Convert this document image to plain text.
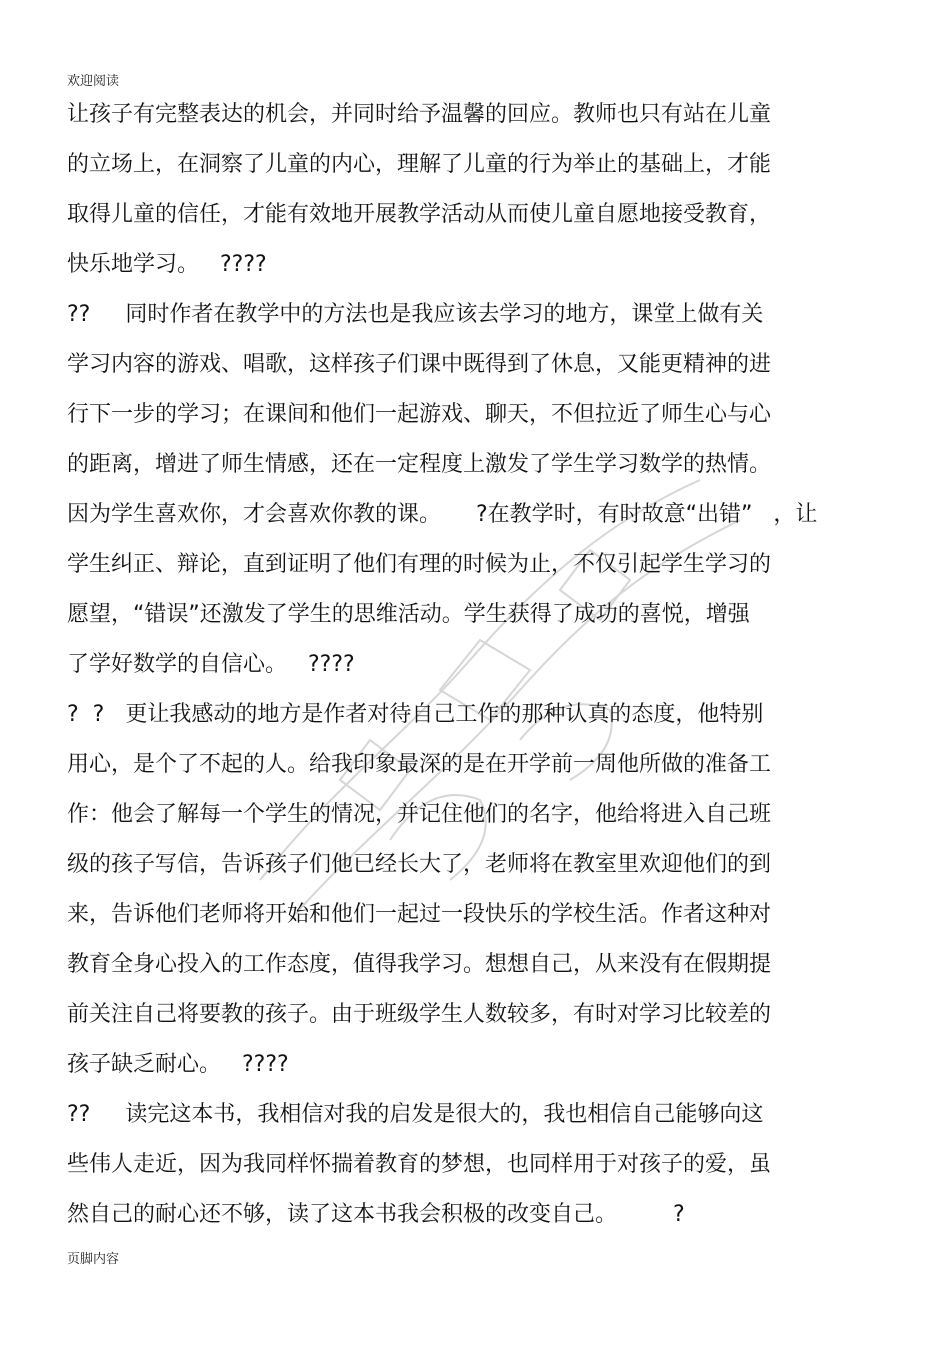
欢迎阅读
让孩子有完整表达的机会，并同时给予温馨的回应。教师也只有站在儿童
的立场上，在洞察了儿童的内心，理解了儿童的行为举止的基础上，才能
取得儿童的信任，才能有效地开展教学活动从而使儿童自愿地接受教育，
快乐地学习。   ????
??     同时作者在教学中的方法也是我应该去学习的地方，课堂上做有关
学习内容的游戏、唱歌，这样孩子们课中既得到了休息，又能更精神的进
行下一步的学习；在课间和他们一起游戏、聊天，不但拉近了师生心与心
的距离，增进了师生情感，还在一定程度上激发了学生学习数学的热情。
因为学生喜欢你，才会喜欢你教的课。     ?在教学时，有时故意“出错”   ，让
学生纠正、辩论，直到证明了他们有理的时候为止，不仅引起学生学习的
愿望，“错误”还激发了学生的思维活动。学生获得了成功的喜悦，增强
了学好数学的自信心。   ????
?  ?   更让我感动的地方是作者对待自己工作的那种认真的态度，他特别
用心，是个了不起的人。给我印象最深的是在开学前一周他所做的准备工
作：他会了解每一个学生的情况，并记住他们的名字，他给将进入自己班
级的孩子写信，告诉孩子们他已经长大了，老师将在教室里欢迎他们的到
来，告诉他们老师将开始和他们一起过一段快乐的学校生活。作者这种对
教育全身心投入的工作态度，值得我学习。想想自己，从来没有在假期提
前关注自己将要教的孩子。由于班级学生人数较多，有时对学习比较差的
孩子缺乏耐心。   ????
??     读完这本书，我相信对我的启发是很大的，我也相信自己能够向这
些伟人走近，因为我同样怀揣着教育的梦想，也同样用于对孩子的爱，虽
然自己的耐心还不够，读了这本书我会积极的改变自己。        ?
页脚内容
